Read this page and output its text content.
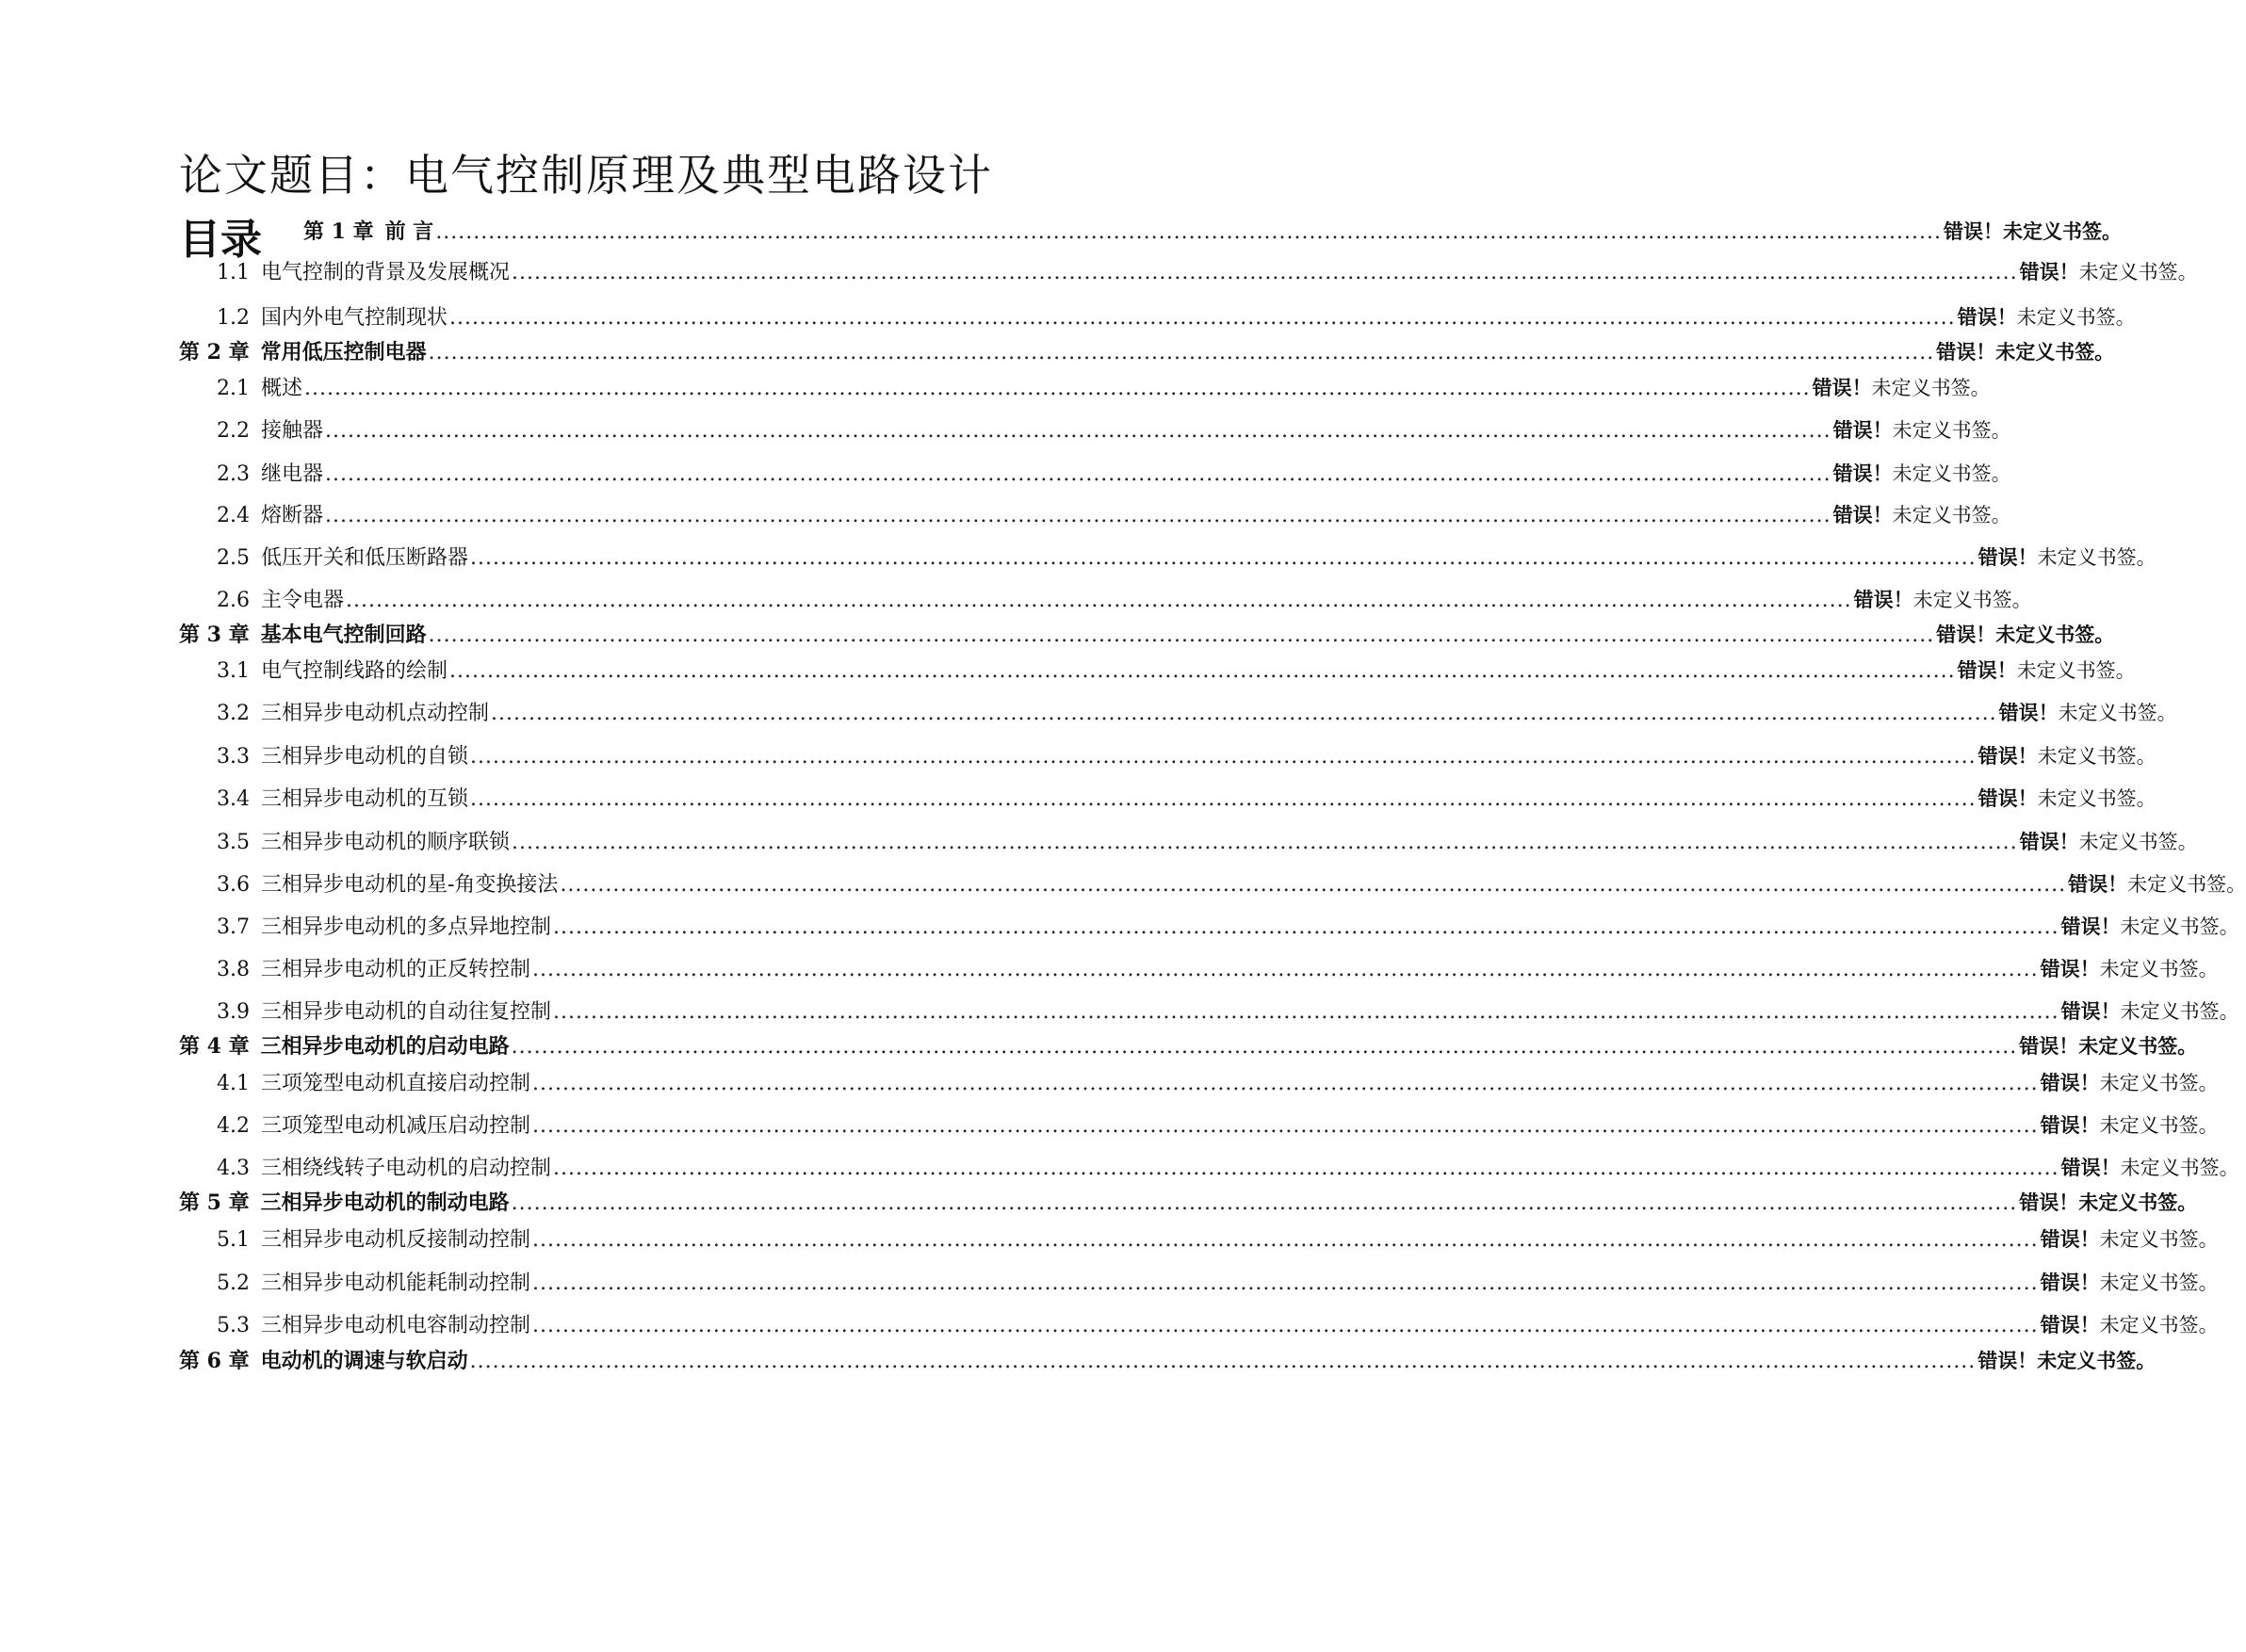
论文题目：电气控制原理及典型电路设计
目录 第 1 章 前 言 ........................................................................................................................................................................................................ 错误！未定义书签。
1.1 电气控制的背景及发展概况 ........................................................................................................................................................................................................ 错误！未定义书签。
1.2 国内外电气控制现状 ........................................................................................................................................................................................................ 错误！未定义书签。
第 2 章 常用低压控制电器 ........................................................................................................................................................................................................ 错误！未定义书签。
2.1 概述 ........................................................................................................................................................................................................ 错误！未定义书签。
2.2 接触器 ........................................................................................................................................................................................................ 错误！未定义书签。
2.3 继电器 ........................................................................................................................................................................................................ 错误！未定义书签。
2.4 熔断器 ........................................................................................................................................................................................................ 错误！未定义书签。
2.5 低压开关和低压断路器 ........................................................................................................................................................................................................ 错误！未定义书签。
2.6 主令电器 ........................................................................................................................................................................................................ 错误！未定义书签。
第 3 章 基本电气控制回路 ........................................................................................................................................................................................................ 错误！未定义书签。
3.1 电气控制线路的绘制 ........................................................................................................................................................................................................ 错误！未定义书签。
3.2 三相异步电动机点动控制 ........................................................................................................................................................................................................ 错误！未定义书签。
3.3 三相异步电动机的自锁 ........................................................................................................................................................................................................ 错误！未定义书签。
3.4 三相异步电动机的互锁 ........................................................................................................................................................................................................ 错误！未定义书签。
3.5 三相异步电动机的顺序联锁 ........................................................................................................................................................................................................ 错误！未定义书签。
3.6 三相异步电动机的星-角变换接法 ........................................................................................................................................................................................................ 错误！未定义书签。
3.7 三相异步电动机的多点异地控制 ........................................................................................................................................................................................................ 错误！未定义书签。
3.8 三相异步电动机的正反转控制 ........................................................................................................................................................................................................ 错误！未定义书签。
3.9 三相异步电动机的自动往复控制 ........................................................................................................................................................................................................ 错误！未定义书签。
第 4 章 三相异步电动机的启动电路 ........................................................................................................................................................................................................ 错误！未定义书签。
4.1 三项笼型电动机直接启动控制 ........................................................................................................................................................................................................ 错误！未定义书签。
4.2 三项笼型电动机减压启动控制 ........................................................................................................................................................................................................ 错误！未定义书签。
4.3 三相绕线转子电动机的启动控制 ........................................................................................................................................................................................................ 错误！未定义书签。
第 5 章 三相异步电动机的制动电路 ........................................................................................................................................................................................................ 错误！未定义书签。
5.1 三相异步电动机反接制动控制 ........................................................................................................................................................................................................ 错误！未定义书签。
5.2 三相异步电动机能耗制动控制 ........................................................................................................................................................................................................ 错误！未定义书签。
5.3 三相异步电动机电容制动控制 ........................................................................................................................................................................................................ 错误！未定义书签。
第 6 章 电动机的调速与软启动 ........................................................................................................................................................................................................ 错误！未定义书签。
